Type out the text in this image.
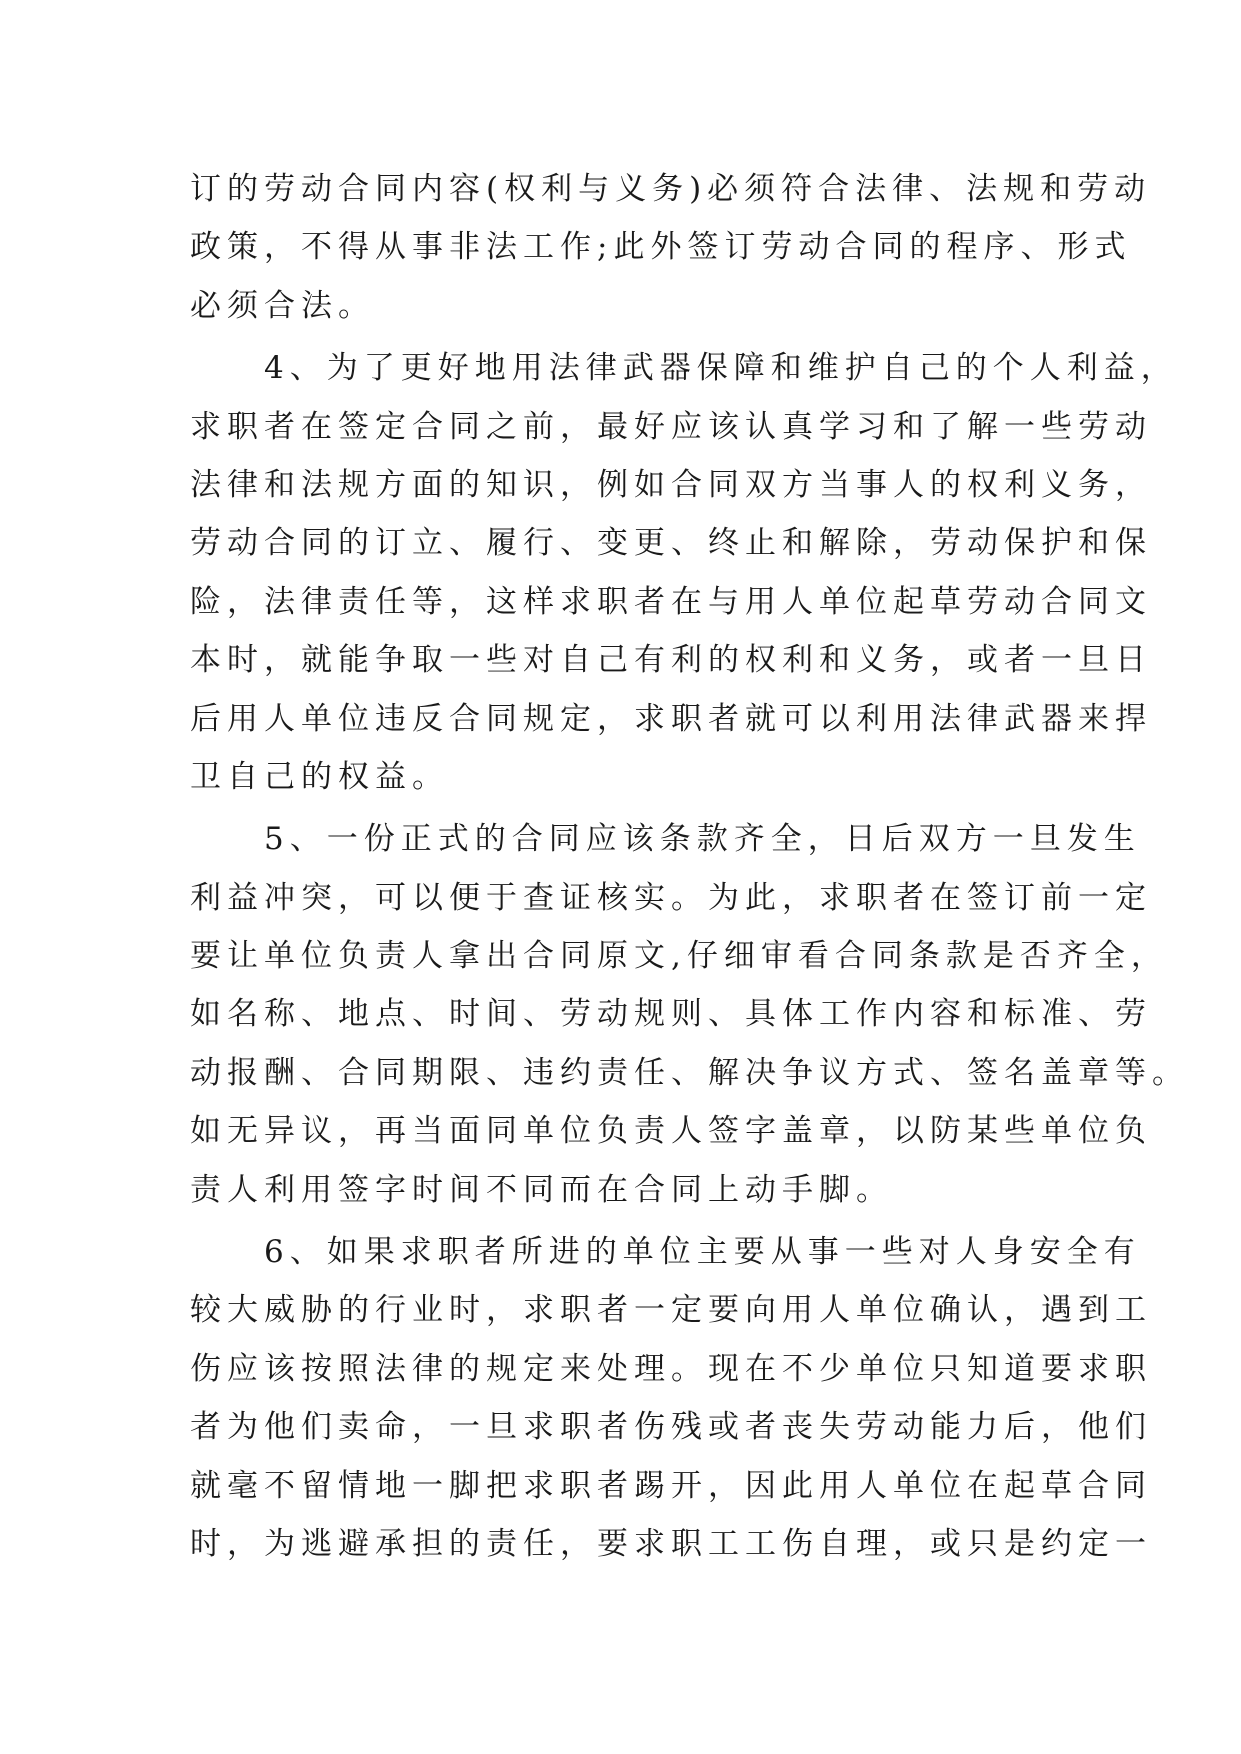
订的劳动合同内容(权利与义务)必须符合法律、法规和劳动
政策，不得从事非法工作;此外签订劳动合同的程序、形式
必须合法。
　　4、为了更好地用法律武器保障和维护自己的个人利益，
求职者在签定合同之前，最好应该认真学习和了解一些劳动
法律和法规方面的知识，例如合同双方当事人的权利义务，
劳动合同的订立、履行、变更、终止和解除，劳动保护和保
险，法律责任等，这样求职者在与用人单位起草劳动合同文
本时，就能争取一些对自己有利的权利和义务，或者一旦日
后用人单位违反合同规定，求职者就可以利用法律武器来捍
卫自己的权益。
　　5、一份正式的合同应该条款齐全，日后双方一旦发生
利益冲突，可以便于查证核实。为此，求职者在签订前一定
要让单位负责人拿出合同原文,仔细审看合同条款是否齐全，
如名称、地点、时间、劳动规则、具体工作内容和标准、劳
动报酬、合同期限、违约责任、解决争议方式、签名盖章等。
如无异议，再当面同单位负责人签字盖章，以防某些单位负
责人利用签字时间不同而在合同上动手脚。
　　6、如果求职者所进的单位主要从事一些对人身安全有
较大威胁的行业时，求职者一定要向用人单位确认，遇到工
伤应该按照法律的规定来处理。现在不少单位只知道要求职
者为他们卖命，一旦求职者伤残或者丧失劳动能力后，他们
就毫不留情地一脚把求职者踢开，因此用人单位在起草合同
时，为逃避承担的责任，要求职工工伤自理，或只是约定一
